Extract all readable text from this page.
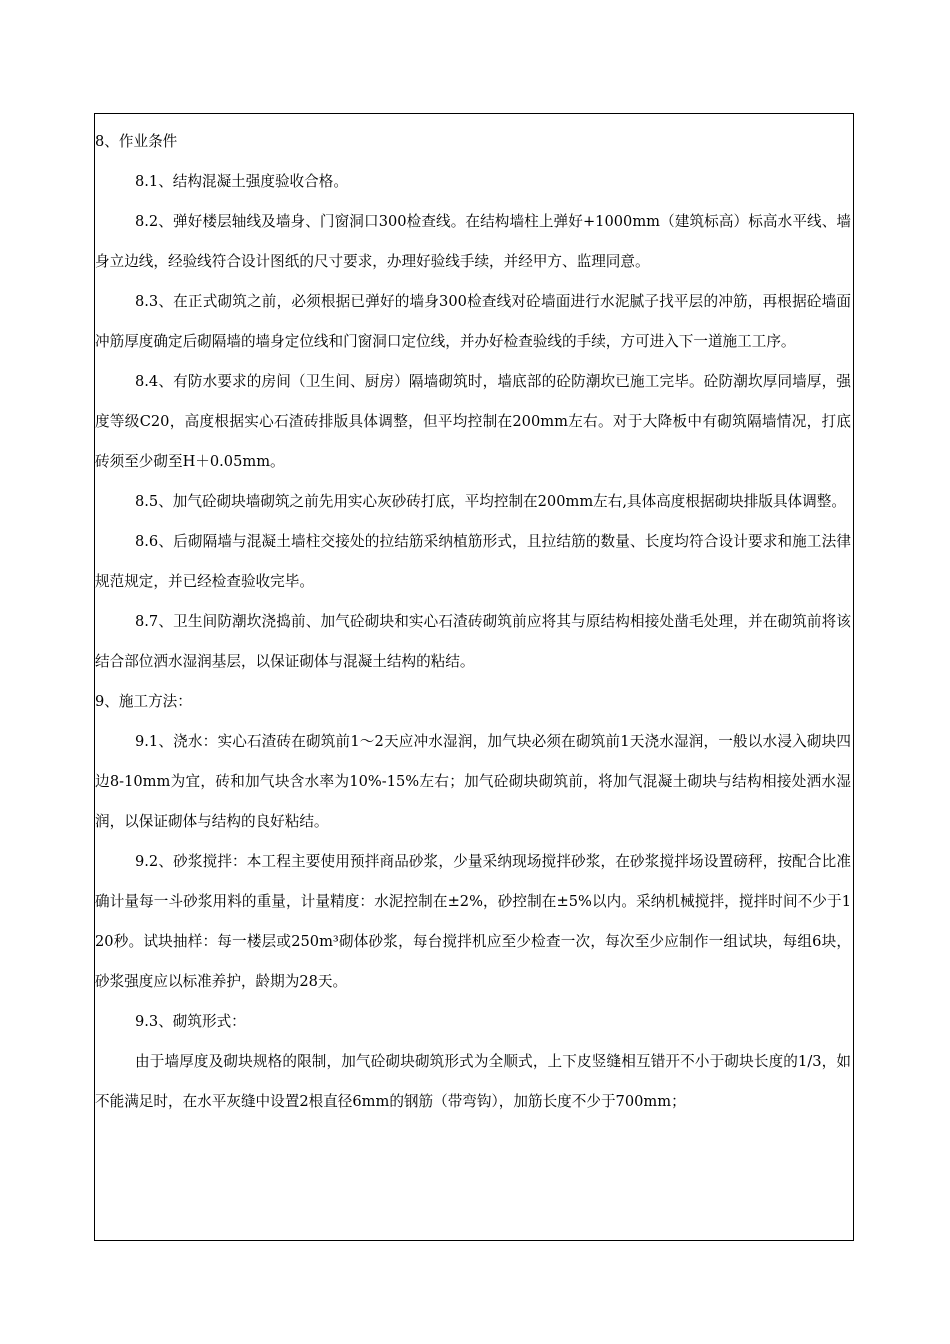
8、作业条件

8.1、结构混凝土强度验收合格。

8.2、弹好楼层轴线及墙身、门窗洞口300检查线。在结构墙柱上弹好+1000mm（建筑标高）标高水平线、墙身立边线，经验线符合设计图纸的尺寸要求，办理好验线手续，并经甲方、监理同意。

8.3、在正式砌筑之前，必须根据已弹好的墙身300检查线对砼墙面进行水泥腻子找平层的冲筋，再根据砼墙面冲筋厚度确定后砌隔墙的墙身定位线和门窗洞口定位线，并办好检查验线的手续，方可进入下一道施工工序。

8.4、有防水要求的房间（卫生间、厨房）隔墙砌筑时，墙底部的砼防潮坎已施工完毕。砼防潮坎厚同墙厚，强度等级C20，高度根据实心石渣砖排版具体调整，但平均控制在200mm左右。对于大降板中有砌筑隔墙情况，打底砖须至少砌至H＋0.05mm。

8.5、加气砼砌块墙砌筑之前先用实心灰砂砖打底，平均控制在200mm左右,具体高度根据砌块排版具体调整。

8.6、后砌隔墙与混凝土墙柱交接处的拉结筋采纳植筋形式，且拉结筋的数量、长度均符合设计要求和施工法律规范规定，并已经检查验收完毕。

8.7、卫生间防潮坎浇捣前、加气砼砌块和实心石渣砖砌筑前应将其与原结构相接处凿毛处理，并在砌筑前将该结合部位洒水湿润基层，以保证砌体与混凝土结构的粘结。

9、施工方法：

9.1、浇水：实心石渣砖在砌筑前1～2天应冲水湿润，加气块必须在砌筑前1天浇水湿润，一般以水浸入砌块四边8-10mm为宜，砖和加气块含水率为10%-15%左右；加气砼砌块砌筑前，将加气混凝土砌块与结构相接处洒水湿润，以保证砌体与结构的良好粘结。

9.2、砂浆搅拌：本工程主要使用预拌商品砂浆，少量采纳现场搅拌砂浆，在砂浆搅拌场设置磅秤，按配合比准确计量每一斗砂浆用料的重量，计量精度：水泥控制在±2%，砂控制在±5%以内。采纳机械搅拌，搅拌时间不少于120秒。试块抽样：每一楼层或250m³砌体砂浆，每台搅拌机应至少检查一次，每次至少应制作一组试块，每组6块，砂浆强度应以标准养护，龄期为28天。

9.3、砌筑形式：

由于墙厚度及砌块规格的限制，加气砼砌块砌筑形式为全顺式，上下皮竖缝相互错开不小于砌块长度的1/3，如不能满足时，在水平灰缝中设置2根直径6mm的钢筋（带弯钩），加筋长度不少于700mm；
